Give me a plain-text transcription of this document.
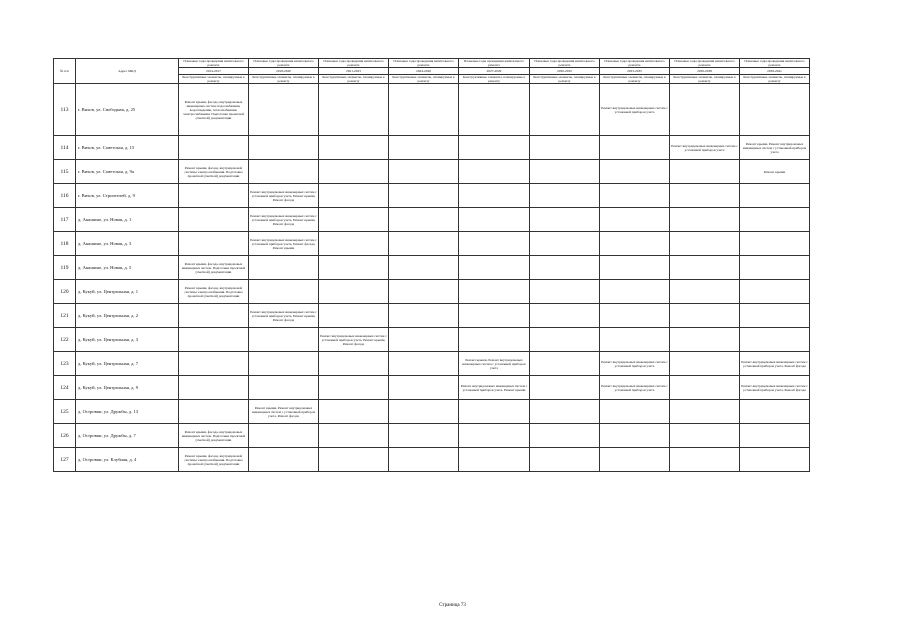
№ п/п	Адрес МКД	Плановые годы проведения капитального ремонта	Плановые годы проведения капитального ремонта	Плановые годы проведения капитального ремонта	Плановые годы проведения капитального ремонта	Плановые годы проведения капитального ремонта	Плановые годы проведения капитального ремонта	Плановые годы проведения капитального ремонта	Плановые годы проведения капитального ремонта	Плановые годы проведения капитального ремонта
		2014-2017	2018-2020	2021-2023	2024-2026	2027-2029	2030-2032	2033-2035	2036-2038	2039-2041
		Конструктивные элементы, планируемые к ремонту	Конструктивные элементы, планируемые к ремонту	Конструктивные элементы, планируемые к ремонту	Конструктивные элементы, планируемые к ремонту	Конструктивные элементы, планируемые к ремонту	Конструктивные элементы, планируемые к ремонту	Конструктивные элементы, планируемые к ремонту	Конструктивные элементы, планируемые к ремонту	Конструктивные элементы, планируемые к ремонту
113	г. Вихов, ул. Свободная, д. 25	Ремонт крыши, фасада, внутридомовых инженерных систем: водоснабжения, водоотведения, теплоснабжения, электроснабжения. Подготовка проектной (сметной) документации						Ремонт внутридомовых инженерных систем с установкой приборов учета		
114	г. Вихов, ул. Советская, д. 15								Ремонт внутридомовых инженерных систем с установкой приборов учета	Ремонт крыши, Ремонт внутридомовых инженерных систем с установкой приборов учета
115	г. Вихов, ул. Советская, д. 9а	Ремонт крыши, фасада, внутридомовой системы электроснабжения. Подготовка проектной (сметной) документации								Ремонт крыши
116	г. Вихов, ул. Строителей, д. 9		Ремонт внутридомовых инженерных систем с установкой приборов учета, Ремонт крыши, Ремонт фасада							
117	д. Анашино, ул. Новая, д. 1		Ремонт внутридомовых инженерных систем с установкой приборов учета, Ремонт крыши, Ремонт фасада							
118	д. Анашино, ул. Новая, д. 3		Ремонт внутридомовых инженерных систем с установкой приборов учета, Ремонт фасада, Ремонт крыши							
119	д. Анашино, ул. Новая, д. 5	Ремонт крыши, фасада, внутридомовых инженерных систем. Подготовка проектной (сметной) документации								
120	д. Кукуй, ул. Центральная, д. 1	Ремонт крыши, фасада, внутридомовой системы электроснабжения. Подготовка проектной (сметной) документации								
121	д. Кукуй, ул. Центральная, д. 2		Ремонт внутридомовых инженерных систем с установкой приборов учета, Ремонт крыши, Ремонт фасада							
122	д. Кукуй, ул. Центральная, д. 3			Ремонт внутридомовых инженерных систем с установкой приборов учета, Ремонт крыши, Ремонт фасада						
123	д. Кукуй, ул. Центральная, д. 7					Ремонт крыши, Ремонт внутридомовых инженерных систем с установкой приборов учета		Ремонт внутридомовых инженерных систем с установкой приборов учета		Ремонт внутридомовых инженерных систем с установкой приборов учета, Ремонт фасада
124	д. Кукуй, ул. Центральная, д. 9					Ремонт внутридомовых инженерных систем с установкой приборов учета, Ремонт крыши		Ремонт внутридомовых инженерных систем с установкой приборов учета		Ремонт внутридомовых инженерных систем с установкой приборов учета, Ремонт фасада
125	д. Островки, ул. Дружбы, д. 13		Ремонт крыши, Ремонт внутридомовых инженерных систем с установкой приборов учета, Ремонт фасада							
126	д. Островки, ул. Дружбы, д. 7	Ремонт крыши, фасада, внутридомовых инженерных систем. Подготовка проектной (сметной) документации								
127	д. Островки, ул. Клубная, д. 4	Ремонт крыши, фасада, внутридомовой системы электроснабжения. Подготовка проектной (сметной) документации								
Страница 73
